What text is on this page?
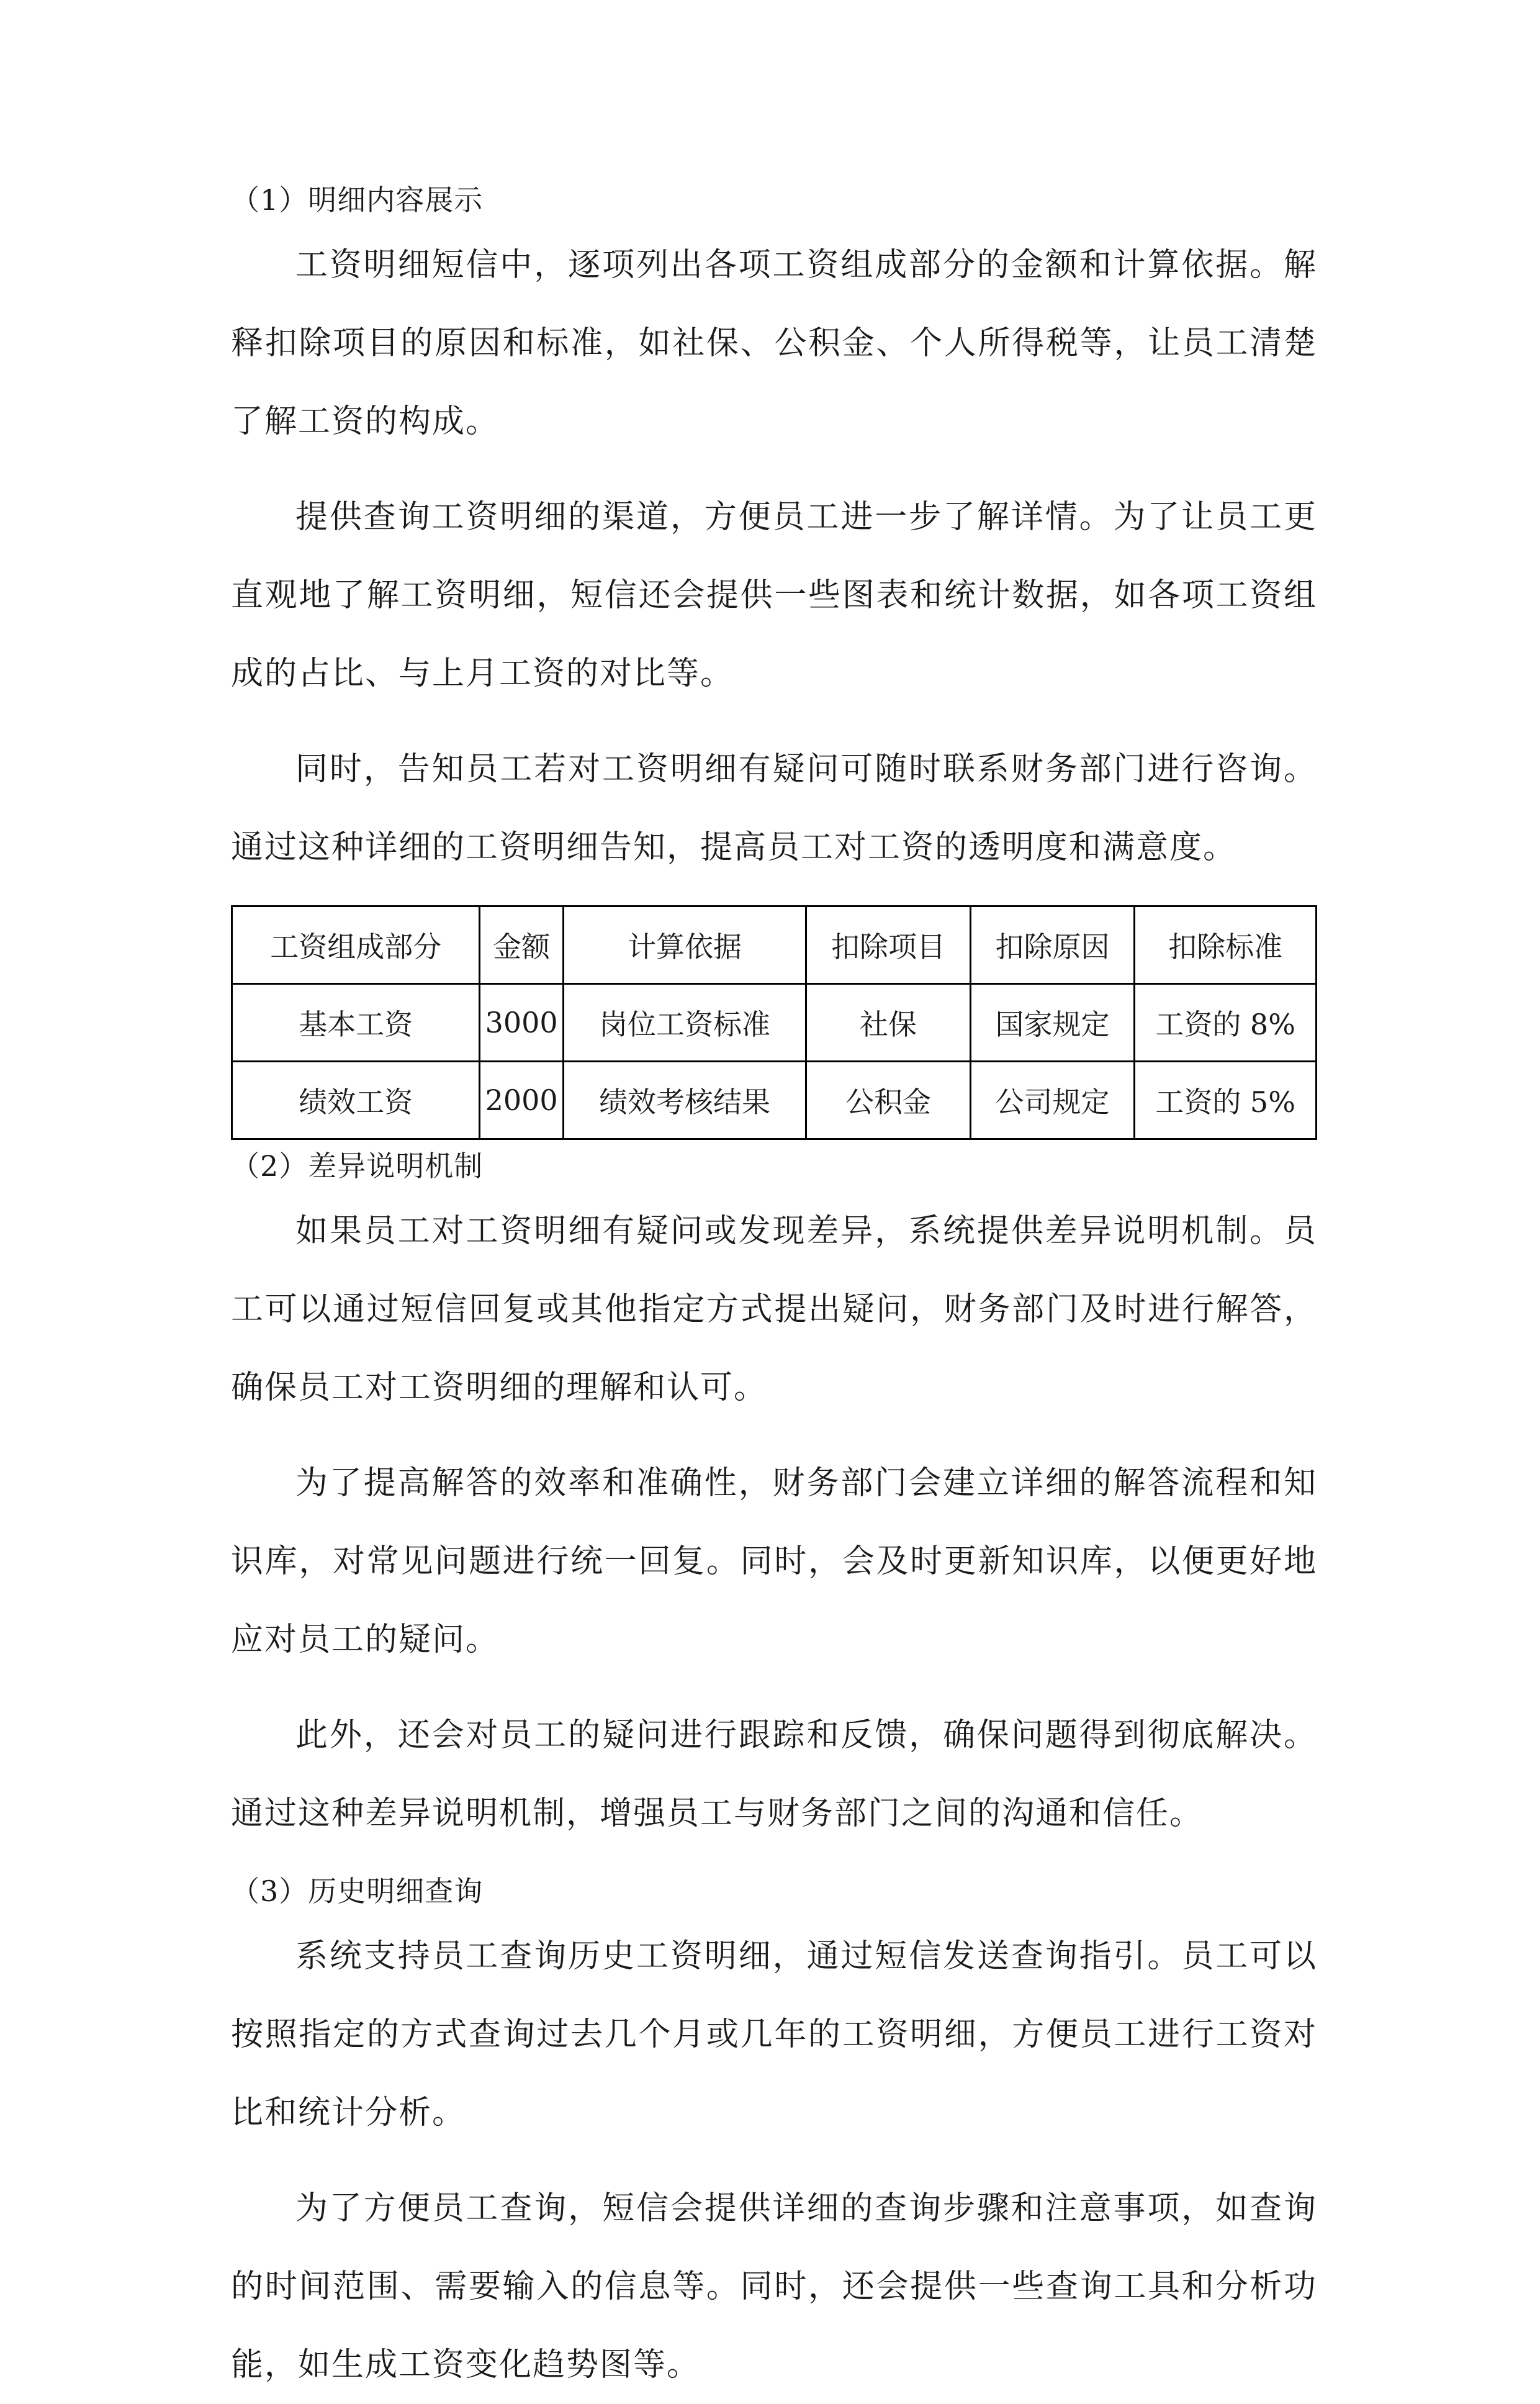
（1）明细内容展示

工资明细短信中，逐项列出各项工资组成部分的金额和计算依据。解释扣除项目的原因和标准，如社保、公积金、个人所得税等，让员工清楚了解工资的构成。

提供查询工资明细的渠道，方便员工进一步了解详情。为了让员工更直观地了解工资明细，短信还会提供一些图表和统计数据，如各项工资组成的占比、与上月工资的对比等。

同时，告知员工若对工资明细有疑问可随时联系财务部门进行咨询。通过这种详细的工资明细告知，提高员工对工资的透明度和满意度。

工资组成部分	金额	计算依据	扣除项目	扣除原因	扣除标准
基本工资	3000	岗位工资标准	社保	国家规定	工资的 8%
绩效工资	2000	绩效考核结果	公积金	公司规定	工资的 5%

（2）差异说明机制

如果员工对工资明细有疑问或发现差异，系统提供差异说明机制。员工可以通过短信回复或其他指定方式提出疑问，财务部门及时进行解答，确保员工对工资明细的理解和认可。

为了提高解答的效率和准确性，财务部门会建立详细的解答流程和知识库，对常见问题进行统一回复。同时，会及时更新知识库，以便更好地应对员工的疑问。

此外，还会对员工的疑问进行跟踪和反馈，确保问题得到彻底解决。通过这种差异说明机制，增强员工与财务部门之间的沟通和信任。

（3）历史明细查询

系统支持员工查询历史工资明细，通过短信发送查询指引。员工可以按照指定的方式查询过去几个月或几年的工资明细，方便员工进行工资对比和统计分析。

为了方便员工查询，短信会提供详细的查询步骤和注意事项，如查询的时间范围、需要输入的信息等。同时，还会提供一些查询工具和分析功能，如生成工资变化趋势图等。
